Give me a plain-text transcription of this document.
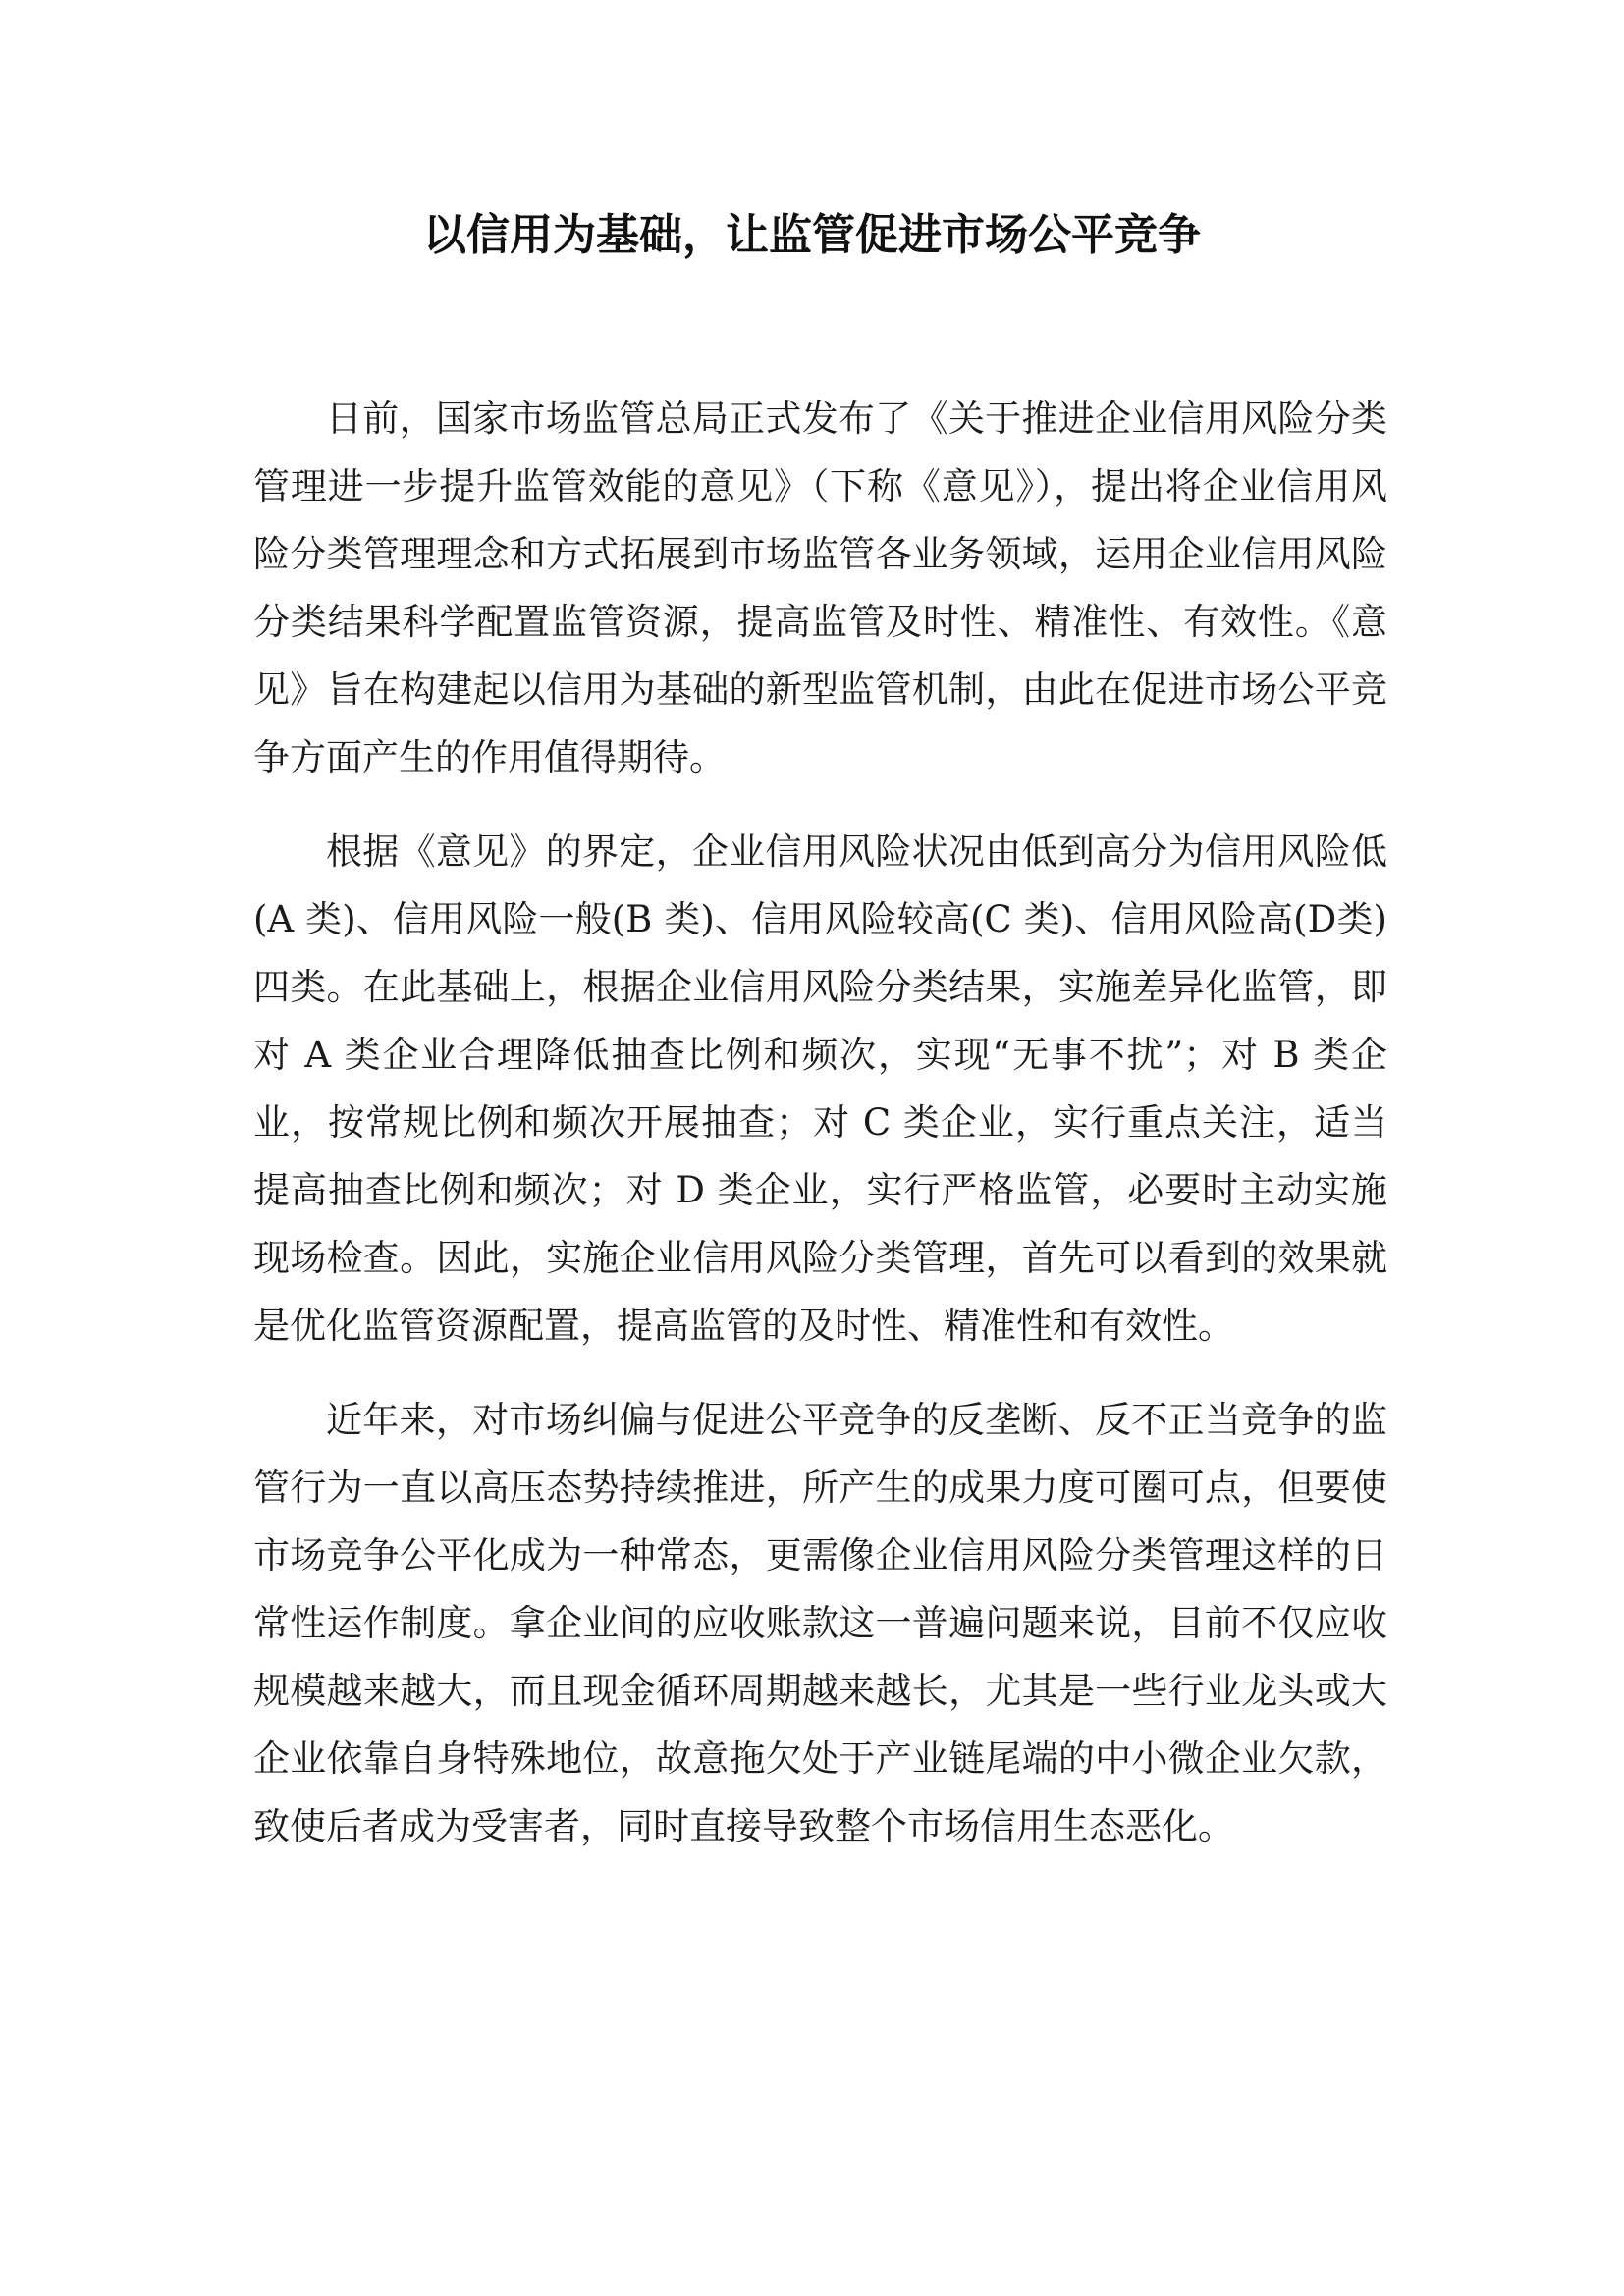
以信用为基础，让监管促进市场公平竞争

日前，国家市场监管总局正式发布了《关于推进企业信用风险分类管理进一步提升监管效能的意见》（下称《意见》），提出将企业信用风险分类管理理念和方式拓展到市场监管各业务领域，运用企业信用风险分类结果科学配置监管资源，提高监管及时性、精准性、有效性。《意见》旨在构建起以信用为基础的新型监管机制，由此在促进市场公平竞争方面产生的作用值得期待。

根据《意见》的界定，企业信用风险状况由低到高分为信用风险低(A 类)、信用风险一般(B 类)、信用风险较高(C 类)、信用风险高(D类)四类。在此基础上，根据企业信用风险分类结果，实施差异化监管，即对 A 类企业合理降低抽查比例和频次，实现“无事不扰”；对 B 类企业，按常规比例和频次开展抽查；对 C 类企业，实行重点关注，适当提高抽查比例和频次；对 D 类企业，实行严格监管，必要时主动实施现场检查。因此，实施企业信用风险分类管理，首先可以看到的效果就是优化监管资源配置，提高监管的及时性、精准性和有效性。

近年来，对市场纠偏与促进公平竞争的反垄断、反不正当竞争的监管行为一直以高压态势持续推进，所产生的成果力度可圈可点，但要使市场竞争公平化成为一种常态，更需像企业信用风险分类管理这样的日常性运作制度。拿企业间的应收账款这一普遍问题来说，目前不仅应收规模越来越大，而且现金循环周期越来越长，尤其是一些行业龙头或大企业依靠自身特殊地位，故意拖欠处于产业链尾端的中小微企业欠款，致使后者成为受害者，同时直接导致整个市场信用生态恶化。
